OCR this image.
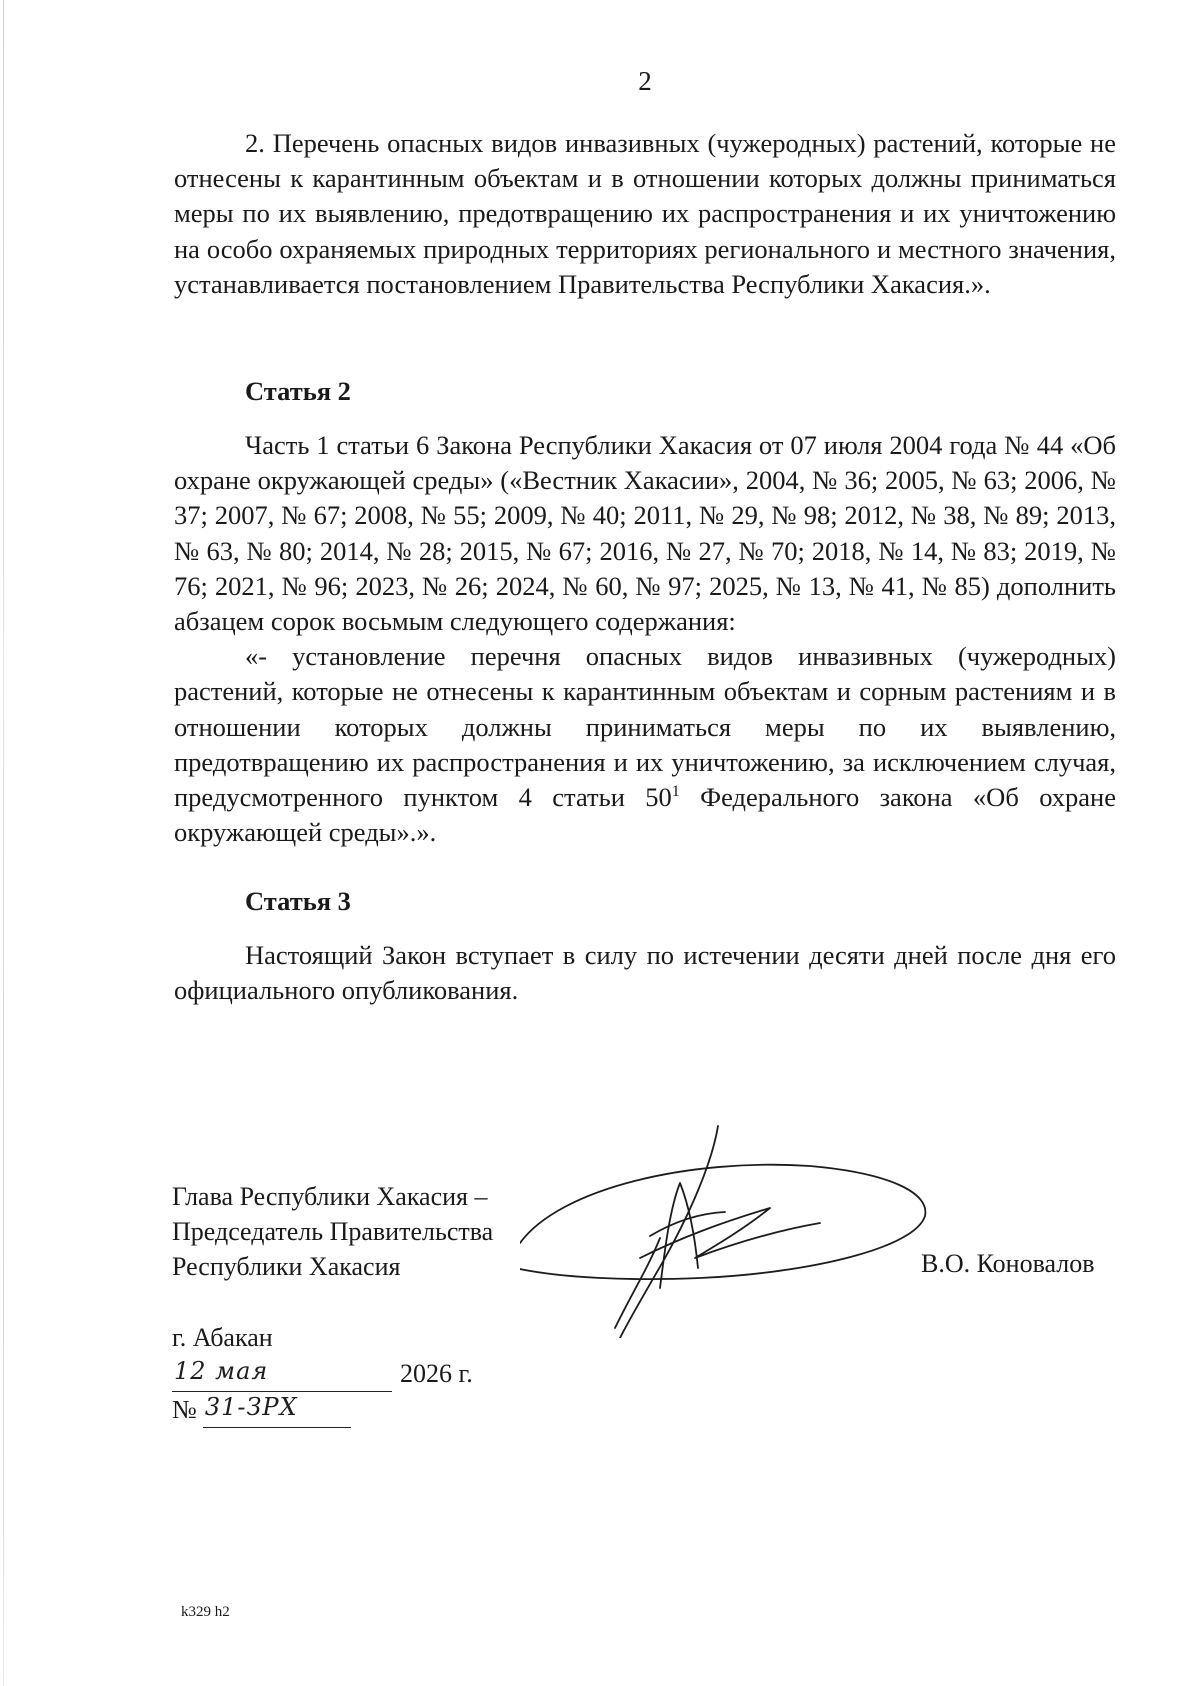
2

2. Перечень опасных видов инвазивных (чужеродных) растений, которые не отнесены к карантинным объектам и в отношении которых должны приниматься меры по их выявлению, предотвращению их распространения и их уничтожению на особо охраняемых природных территориях регионального и местного значения, устанавливается постановлением Правительства Республики Хакасия.».

Статья 2

Часть 1 статьи 6 Закона Республики Хакасия от 07 июля 2004 года № 44 «Об охране окружающей среды» («Вестник Хакасии», 2004, № 36; 2005, № 63; 2006, № 37; 2007, № 67; 2008, № 55; 2009, № 40; 2011, № 29, № 98; 2012, № 38, № 89; 2013, № 63, № 80; 2014, № 28; 2015, № 67; 2016, № 27, № 70; 2018, № 14, № 83; 2019, № 76; 2021, № 96; 2023, № 26; 2024, № 60, № 97; 2025, № 13, № 41, № 85) дополнить абзацем сорок восьмым следующего содержания:

«- установление перечня опасных видов инвазивных (чужеродных) растений, которые не отнесены к карантинным объектам и сорным растениям и в отношении которых должны приниматься меры по их выявлению, предотвращению их распространения и их уничтожению, за исключением случая, предусмотренного пунктом 4 статьи $50^1$ Федерального закона «Об охране окружающей среды».».

Статья 3

Настоящий Закон вступает в силу по истечении десяти дней после дня его официального опубликования.

Глава Республики Хакасия –
Председатель Правительства
Республики Хакасия	В.О. Коновалов
г. Абакан
12 мая	2026 г.
№ 31-ЗРХ
k329 h2
